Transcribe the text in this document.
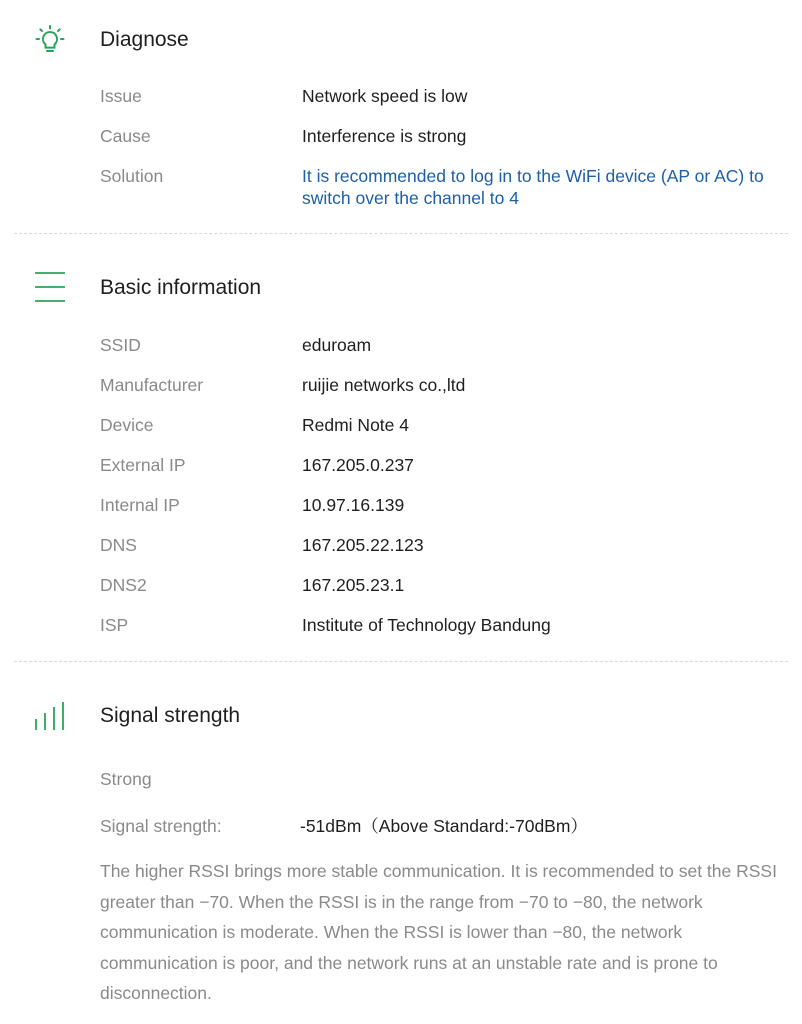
Diagnose
Issue	Network speed is low
Cause	Interference is strong
Solution	It is recommended to log in to the WiFi device (AP or AC) to switch over the channel to 4
Basic information
SSID	eduroam
Manufacturer	ruijie networks co.,ltd
Device	Redmi Note 4
External IP	167.205.0.237
Internal IP	10.97.16.139
DNS	167.205.22.123
DNS2	167.205.23.1
ISP	Institute of Technology Bandung
Signal strength
Strong
Signal strength:	-51dBm（Above Standard:-70dBm）
The higher RSSI brings more stable communication. It is recommended to set the RSSI greater than −70. When the RSSI is in the range from −70 to −80, the network communication is moderate. When the RSSI is lower than −80, the network communication is poor, and the network runs at an unstable rate and is prone to disconnection.
